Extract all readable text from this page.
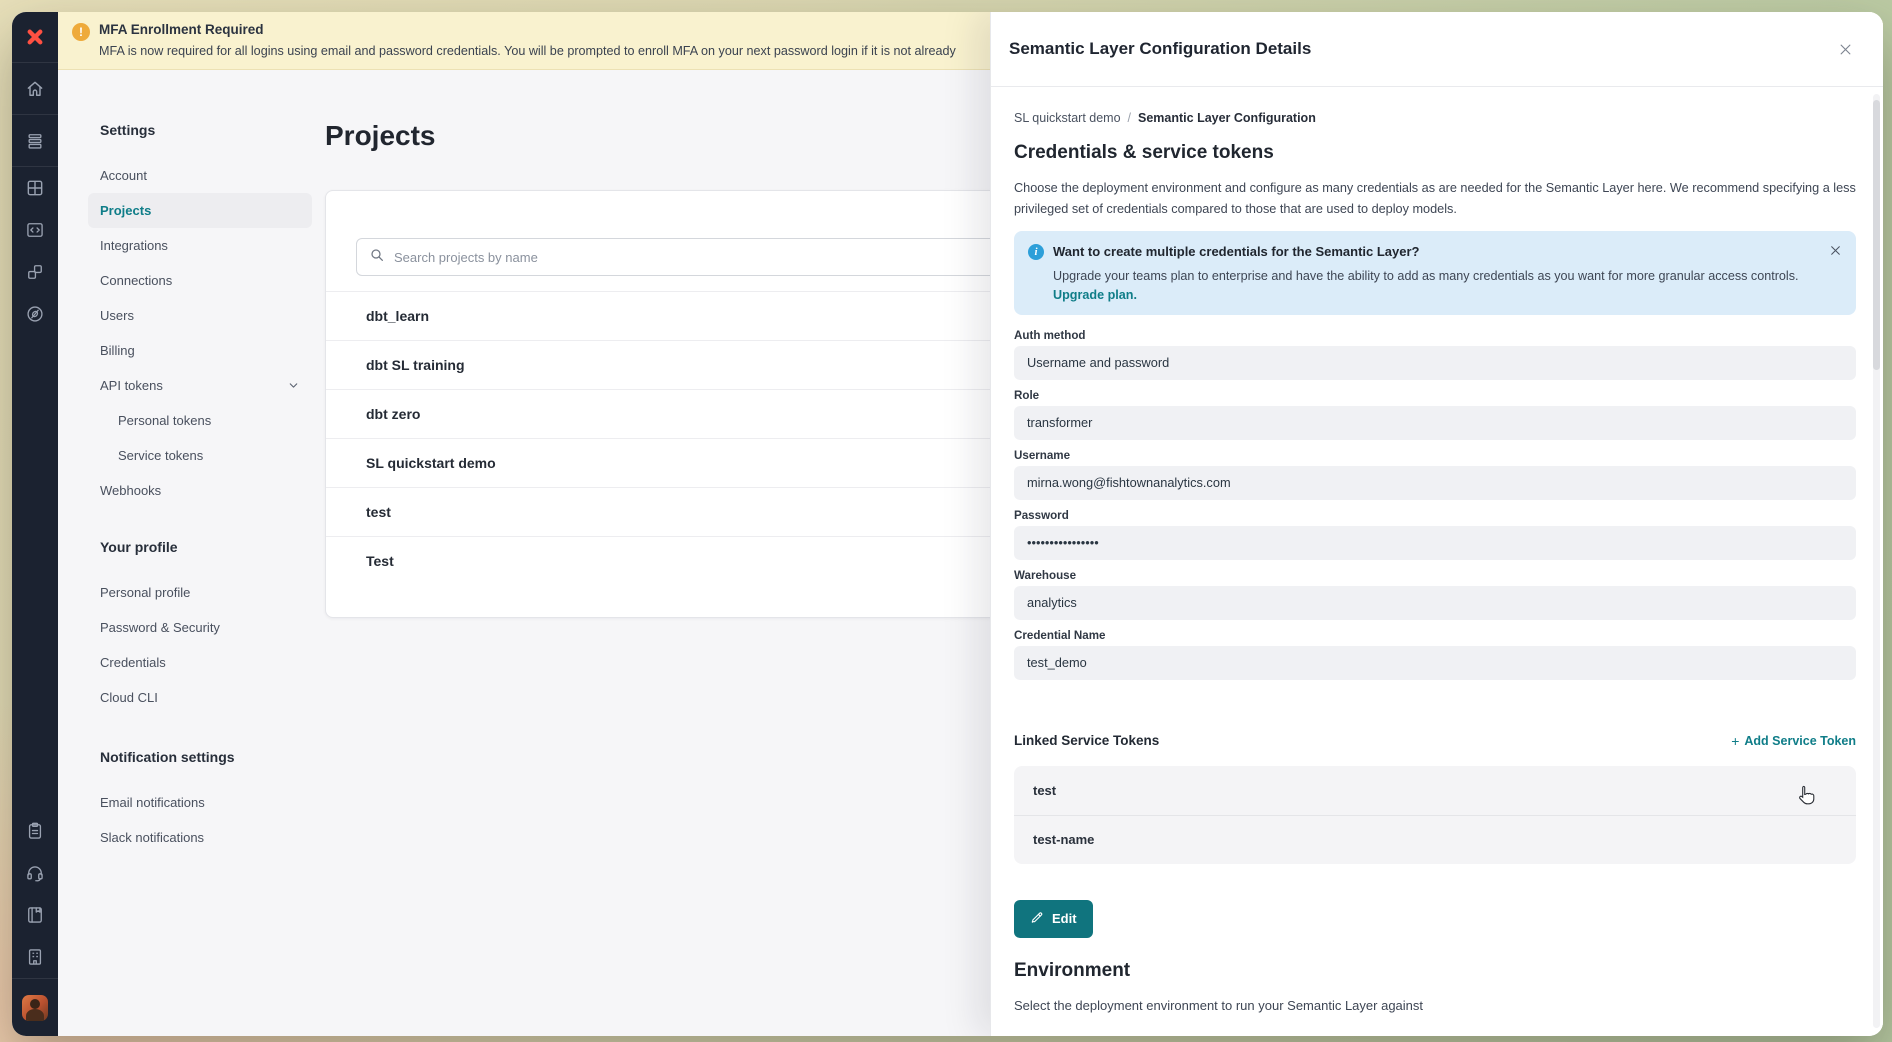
!	MFA Enrollment Required
MFA is now required for all logins using email and password credentials. You will be prompted to enroll MFA on your next password login if it is not already
Settings
Account
Projects
Integrations
Connections
Users
Billing
API tokens
Personal tokens
Service tokens
Webhooks
Your profile
Personal profile
Password & Security
Credentials
Cloud CLI
Notification settings
Email notifications
Slack notifications
Projects
Search projects by name
dbt_learn
dbt SL training
dbt zero
SL quickstart demo
test
Test
Semantic Layer Configuration Details
SL quickstart demo / Semantic Layer Configuration
Credentials & service tokens

Choose the deployment environment and configure as many credentials as are needed for the Semantic Layer here. We recommend specifying a less privileged set of credentials compared to those that are used to deploy models.

i	Want to create multiple credentials for the Semantic Layer?
Upgrade your teams plan to enterprise and have the ability to add as many credentials as you want for more granular access controls.
Upgrade plan.
Auth method
Username and password
Role
transformer
Username
mirna.wong@fishtownanalytics.com
Password
••••••••••••••••
Warehouse
analytics
Credential Name
test_demo
Linked Service Tokens	+ Add Service Token
test
test-name
Edit
Environment

Select the deployment environment to run your Semantic Layer against
